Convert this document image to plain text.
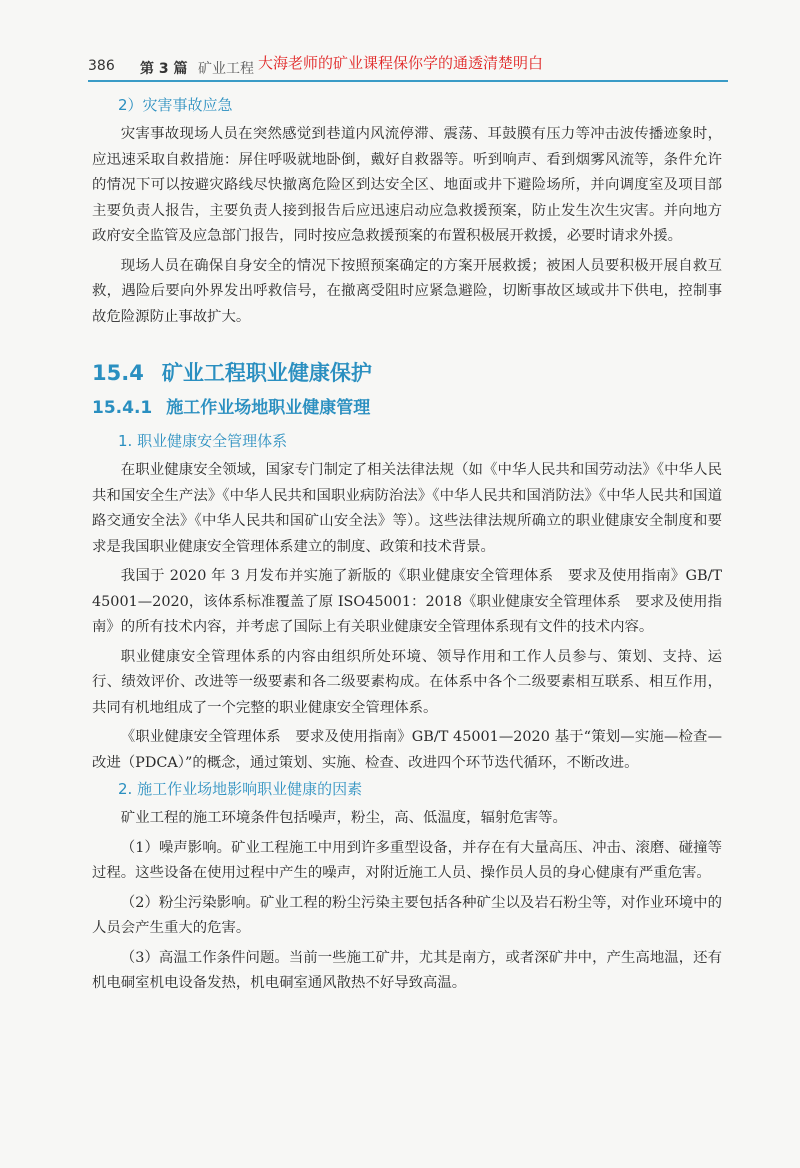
386 第 3 篇 矿业工程 大海老师的矿业课程保你学的通透清楚明白
2）灾害事故应急

灾害事故现场人员在突然感觉到巷道内风流停滞、震荡、耳鼓膜有压力等冲击波传播迹象时，应迅速采取自救措施：屏住呼吸就地卧倒，戴好自救器等。听到响声、看到烟雾风流等，条件允许的情况下可以按避灾路线尽快撤离危险区到达安全区、地面或井下避险场所，并向调度室及项目部主要负责人报告，主要负责人接到报告后应迅速启动应急救援预案，防止发生次生灾害。并向地方政府安全监管及应急部门报告，同时按应急救援预案的布置积极展开救援，必要时请求外援。

现场人员在确保自身安全的情况下按照预案确定的方案开展救援；被困人员要积极开展自救互救，遇险后要向外界发出呼救信号，在撤离受阻时应紧急避险，切断事故区域或井下供电，控制事故危险源防止事故扩大。

15.4 矿业工程职业健康保护
15.4.1 施工作业场地职业健康管理
1. 职业健康安全管理体系

在职业健康安全领域，国家专门制定了相关法律法规（如《中华人民共和国劳动法》《中华人民共和国安全生产法》《中华人民共和国职业病防治法》《中华人民共和国消防法》《中华人民共和国道路交通安全法》《中华人民共和国矿山安全法》等）。这些法律法规所确立的职业健康安全制度和要求是我国职业健康安全管理体系建立的制度、政策和技术背景。

我国于 2020 年 3 月发布并实施了新版的《职业健康安全管理体系　要求及使用指南》GB/T 45001—2020，该体系标准覆盖了原 ISO45001：2018《职业健康安全管理体系　要求及使用指南》的所有技术内容，并考虑了国际上有关职业健康安全管理体系现有文件的技术内容。

职业健康安全管理体系的内容由组织所处环境、领导作用和工作人员参与、策划、支持、运行、绩效评价、改进等一级要素和各二级要素构成。在体系中各个二级要素相互联系、相互作用，共同有机地组成了一个完整的职业健康安全管理体系。

《职业健康安全管理体系　要求及使用指南》GB/T 45001—2020 基于“策划—实施—检查—改进（PDCA）”的概念，通过策划、实施、检查、改进四个环节迭代循环，不断改进。

2. 施工作业场地影响职业健康的因素

矿业工程的施工环境条件包括噪声，粉尘，高、低温度，辐射危害等。

（1）噪声影响。矿业工程施工中用到许多重型设备，并存在有大量高压、冲击、滚磨、碰撞等过程。这些设备在使用过程中产生的噪声，对附近施工人员、操作员人员的身心健康有严重危害。

（2）粉尘污染影响。矿业工程的粉尘污染主要包括各种矿尘以及岩石粉尘等，对作业环境中的人员会产生重大的危害。

（3）高温工作条件问题。当前一些施工矿井，尤其是南方，或者深矿井中，产生高地温，还有机电硐室机电设备发热，机电硐室通风散热不好导致高温。
